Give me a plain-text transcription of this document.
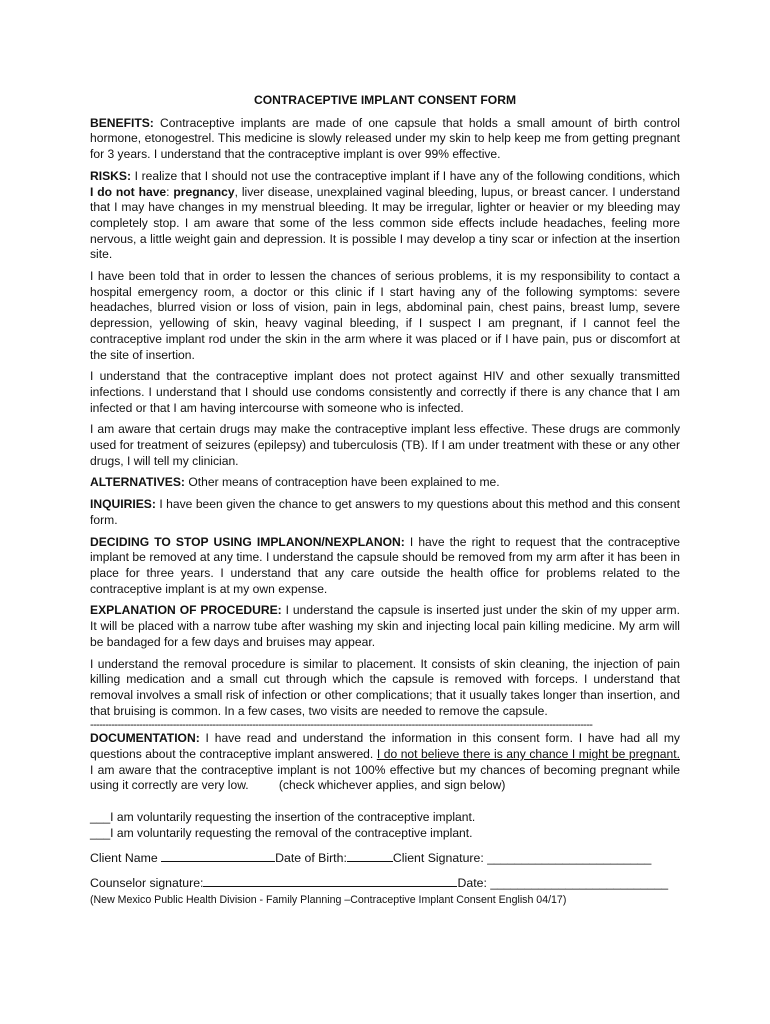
CONTRACEPTIVE IMPLANT CONSENT FORM

BENEFITS: Contraceptive implants are made of one capsule that holds a small amount of birth control hormone, etonogestrel. This medicine is slowly released under my skin to help keep me from getting pregnant for 3 years. I understand that the contraceptive implant is over 99% effective.

RISKS: I realize that I should not use the contraceptive implant if I have any of the following conditions, which I do not have: pregnancy, liver disease, unexplained vaginal bleeding, lupus, or breast cancer. I understand that I may have changes in my menstrual bleeding. It may be irregular, lighter or heavier or my bleeding may completely stop. I am aware that some of the less common side effects include headaches, feeling more nervous, a little weight gain and depression. It is possible I may develop a tiny scar or infection at the insertion site.

I have been told that in order to lessen the chances of serious problems, it is my responsibility to contact a hospital emergency room, a doctor or this clinic if I start having any of the following symptoms: severe headaches, blurred vision or loss of vision, pain in legs, abdominal pain, chest pains, breast lump, severe depression, yellowing of skin, heavy vaginal bleeding, if I suspect I am pregnant, if I cannot feel the contraceptive implant rod under the skin in the arm where it was placed or if I have pain, pus or discomfort at the site of insertion.

I understand that the contraceptive implant does not protect against HIV and other sexually transmitted infections. I understand that I should use condoms consistently and correctly if there is any chance that I am infected or that I am having intercourse with someone who is infected.

I am aware that certain drugs may make the contraceptive implant less effective. These drugs are commonly used for treatment of seizures (epilepsy) and tuberculosis (TB). If I am under treatment with these or any other drugs, I will tell my clinician.

ALTERNATIVES: Other means of contraception have been explained to me.

INQUIRIES: I have been given the chance to get answers to my questions about this method and this consent form.

DECIDING TO STOP USING IMPLANON/NEXPLANON: I have the right to request that the contraceptive implant be removed at any time. I understand the capsule should be removed from my arm after it has been in place for three years. I understand that any care outside the health office for problems related to the contraceptive implant is at my own expense.

EXPLANATION OF PROCEDURE: I understand the capsule is inserted just under the skin of my upper arm. It will be placed with a narrow tube after washing my skin and injecting local pain killing medicine. My arm will be bandaged for a few days and bruises may appear.

I understand the removal procedure is similar to placement. It consists of skin cleaning, the injection of pain killing medication and a small cut through which the capsule is removed with forceps. I understand that removal involves a small risk of infection or other complications; that it usually takes longer than insertion, and that bruising is common. In a few cases, two visits are needed to remove the capsule.

--------------------------------------------------------------------------------------------------------------------------------------------------------------------

DOCUMENTATION: I have read and understand the information in this consent form. I have had all my questions about the contraceptive implant answered. I do not believe there is any chance I might be pregnant. I am aware that the contraceptive implant is not 100% effective but my chances of becoming pregnant while using it correctly are very low.	(check whichever applies, and sign below)

___I am voluntarily requesting the insertion of the contraceptive implant.
___I am voluntarily requesting the removal of the contraceptive implant.
Client Name	Date of Birth:	Client Signature: ________________________
Counselor signature:	Date: __________________________
(New Mexico Public Health Division - Family Planning –Contraceptive Implant Consent English 04/17)
